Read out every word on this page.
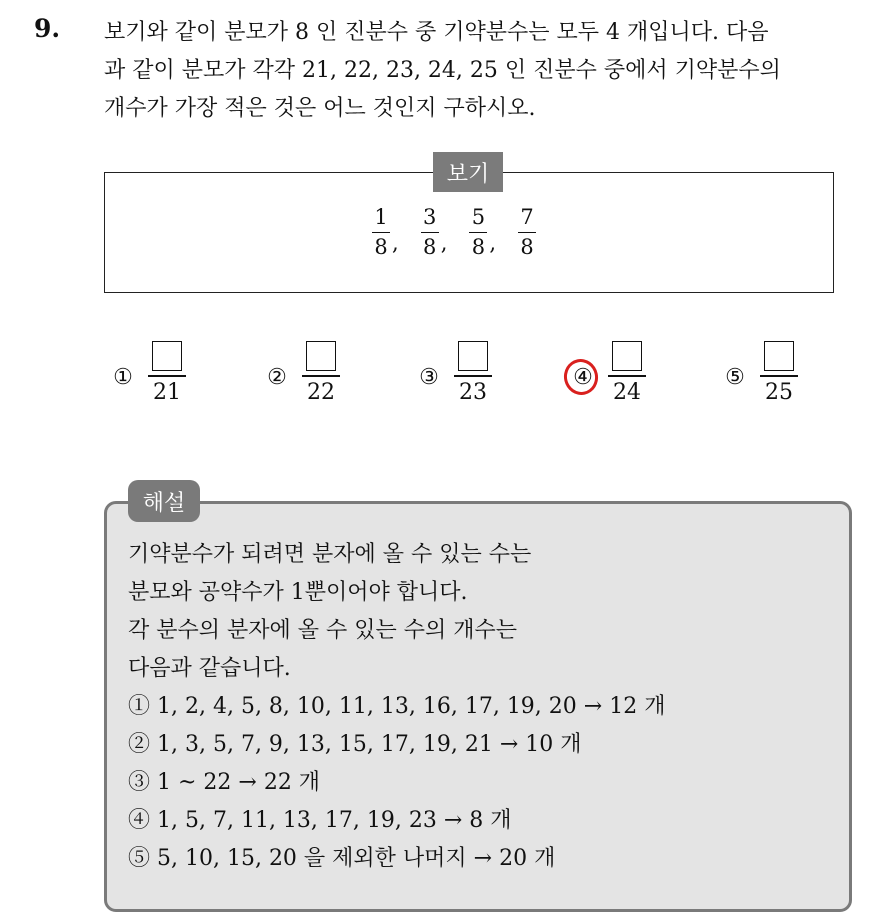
9. 보기와 같이 분모가 8 인 진분수 중 기약분수는 모두 4 개입니다. 다음
과 같이 분모가 각각 21, 22, 23, 24, 25 인 진분수 중에서 기약분수의
개수가 가장 적은 것은 어느 것인지 구하시오.
보기
$\frac{1}{8}$ , $\frac{3}{8}$ , $\frac{5}{8}$ , $\frac{7}{8}$
①
21
②
22
③
23
④
24
⑤
25
해설
기약분수가 되려면 분자에 올 수 있는 수는
분모와 공약수가 1뿐이어야 합니다.
각 분수의 분자에 올 수 있는 수의 개수는
다음과 같습니다.
① 1, 2, 4, 5, 8, 10, 11, 13, 16, 17, 19, 20 → 12 개
② 1, 3, 5, 7, 9, 13, 15, 17, 19, 21 → 10 개
③ 1 ~ 22 → 22 개
④ 1, 5, 7, 11, 13, 17, 19, 23 → 8 개
⑤ 5, 10, 15, 20 을 제외한 나머지 → 20 개
